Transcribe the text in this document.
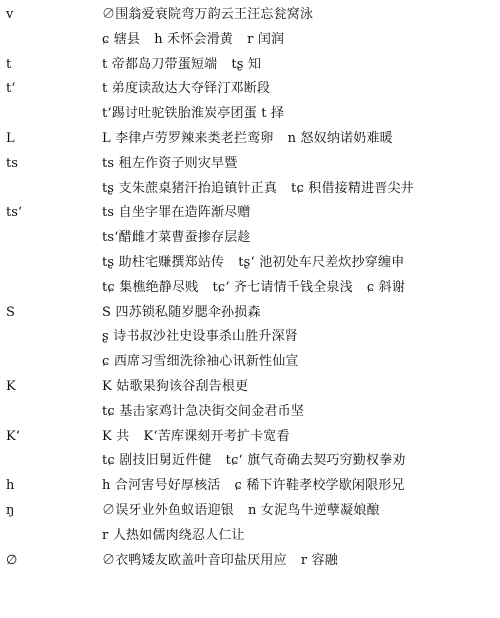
v	∅围翁爱衰院弯万韵云王汪忘瓮窝泳
ɕ 辖县 h 禾怀会滑黄 r 闰润
t	t 帝都岛刀带蛋短端 tʂ 知
t‘	t 弟度读敌达大夺铎汀邓断段
t‘踢讨吐驼铁胎淮炭亭团蛋 t 择
L	L 李律卢劳罗辣来类老拦鸾卵 n 怒奴纳诺奶难暖
ts	ts 租左作资子则灾早暨
tʂ 支朱蔗桌猪汗抬追镇针正真 tɕ 积借接精进晋尖井
ts‘	ts 自坐字罪在造阵渐尽赠
ts‘醋雌才菜曹蚕掺存层趁
tʂ 助柱宅赚撰郑站传 tʂ‘ 池初处车尺差炊抄穿缠申
tɕ 集樵绝静尽贱 tɕ‘ 齐七请情千钱全泉浅 ɕ 斜谢
S	S 四苏锁私随岁腮伞孙损森
ʂ 诗书叔沙社史设事杀山胜升深肾
ɕ 西席习雪细洗徐袖心讯新性仙宣
K	K 姑歌果狗该谷刮告根更
tɕ 基击家鸡计急决街交间金君币坚
K‘	K 共 K‘苦库课刻开考扩卡宽看
tɕ 剧技旧舅近件健 tɕ‘ 旗气奇确去契巧穷勤权拳劝
h	h 合河害号好厚核活 ɕ 稀下许鞋孝校学歇闲限形兄
ŋ	∅误牙业外鱼蚁语迎银 n 女泥鸟牛逆孽凝娘酿
r 人热如儒肉绕忍人仁让
∅	∅衣鸭矮友欧盖叶音印盐厌用应 r 容融
